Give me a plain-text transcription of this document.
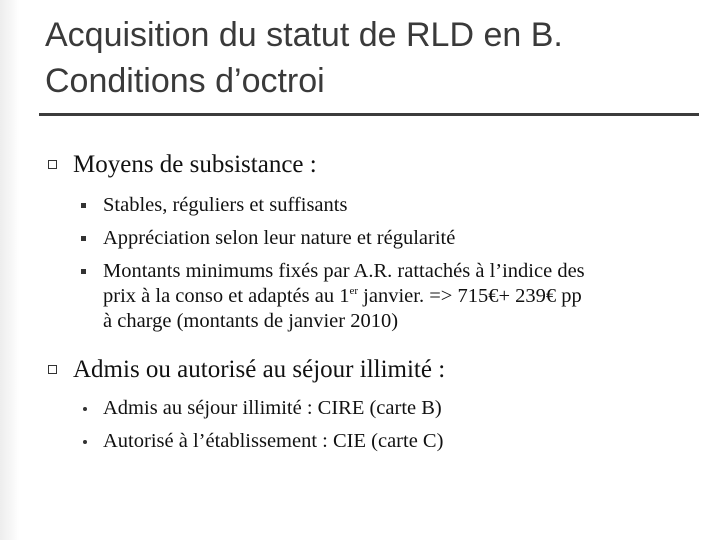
Acquisition du statut de RLD en B.
Conditions d’octroi
Moyens de subsistance :
Stables, réguliers et suffisants
Appréciation selon leur nature et régularité
Montants minimums fixés par A.R. rattachés à l’indice des
prix à la conso et adaptés au 1er janvier. => 715€+ 239€ pp
à charge (montants de janvier 2010)
Admis ou autorisé au séjour illimité :
Admis au séjour illimité : CIRE (carte B)
Autorisé à l’établissement : CIE (carte C)
